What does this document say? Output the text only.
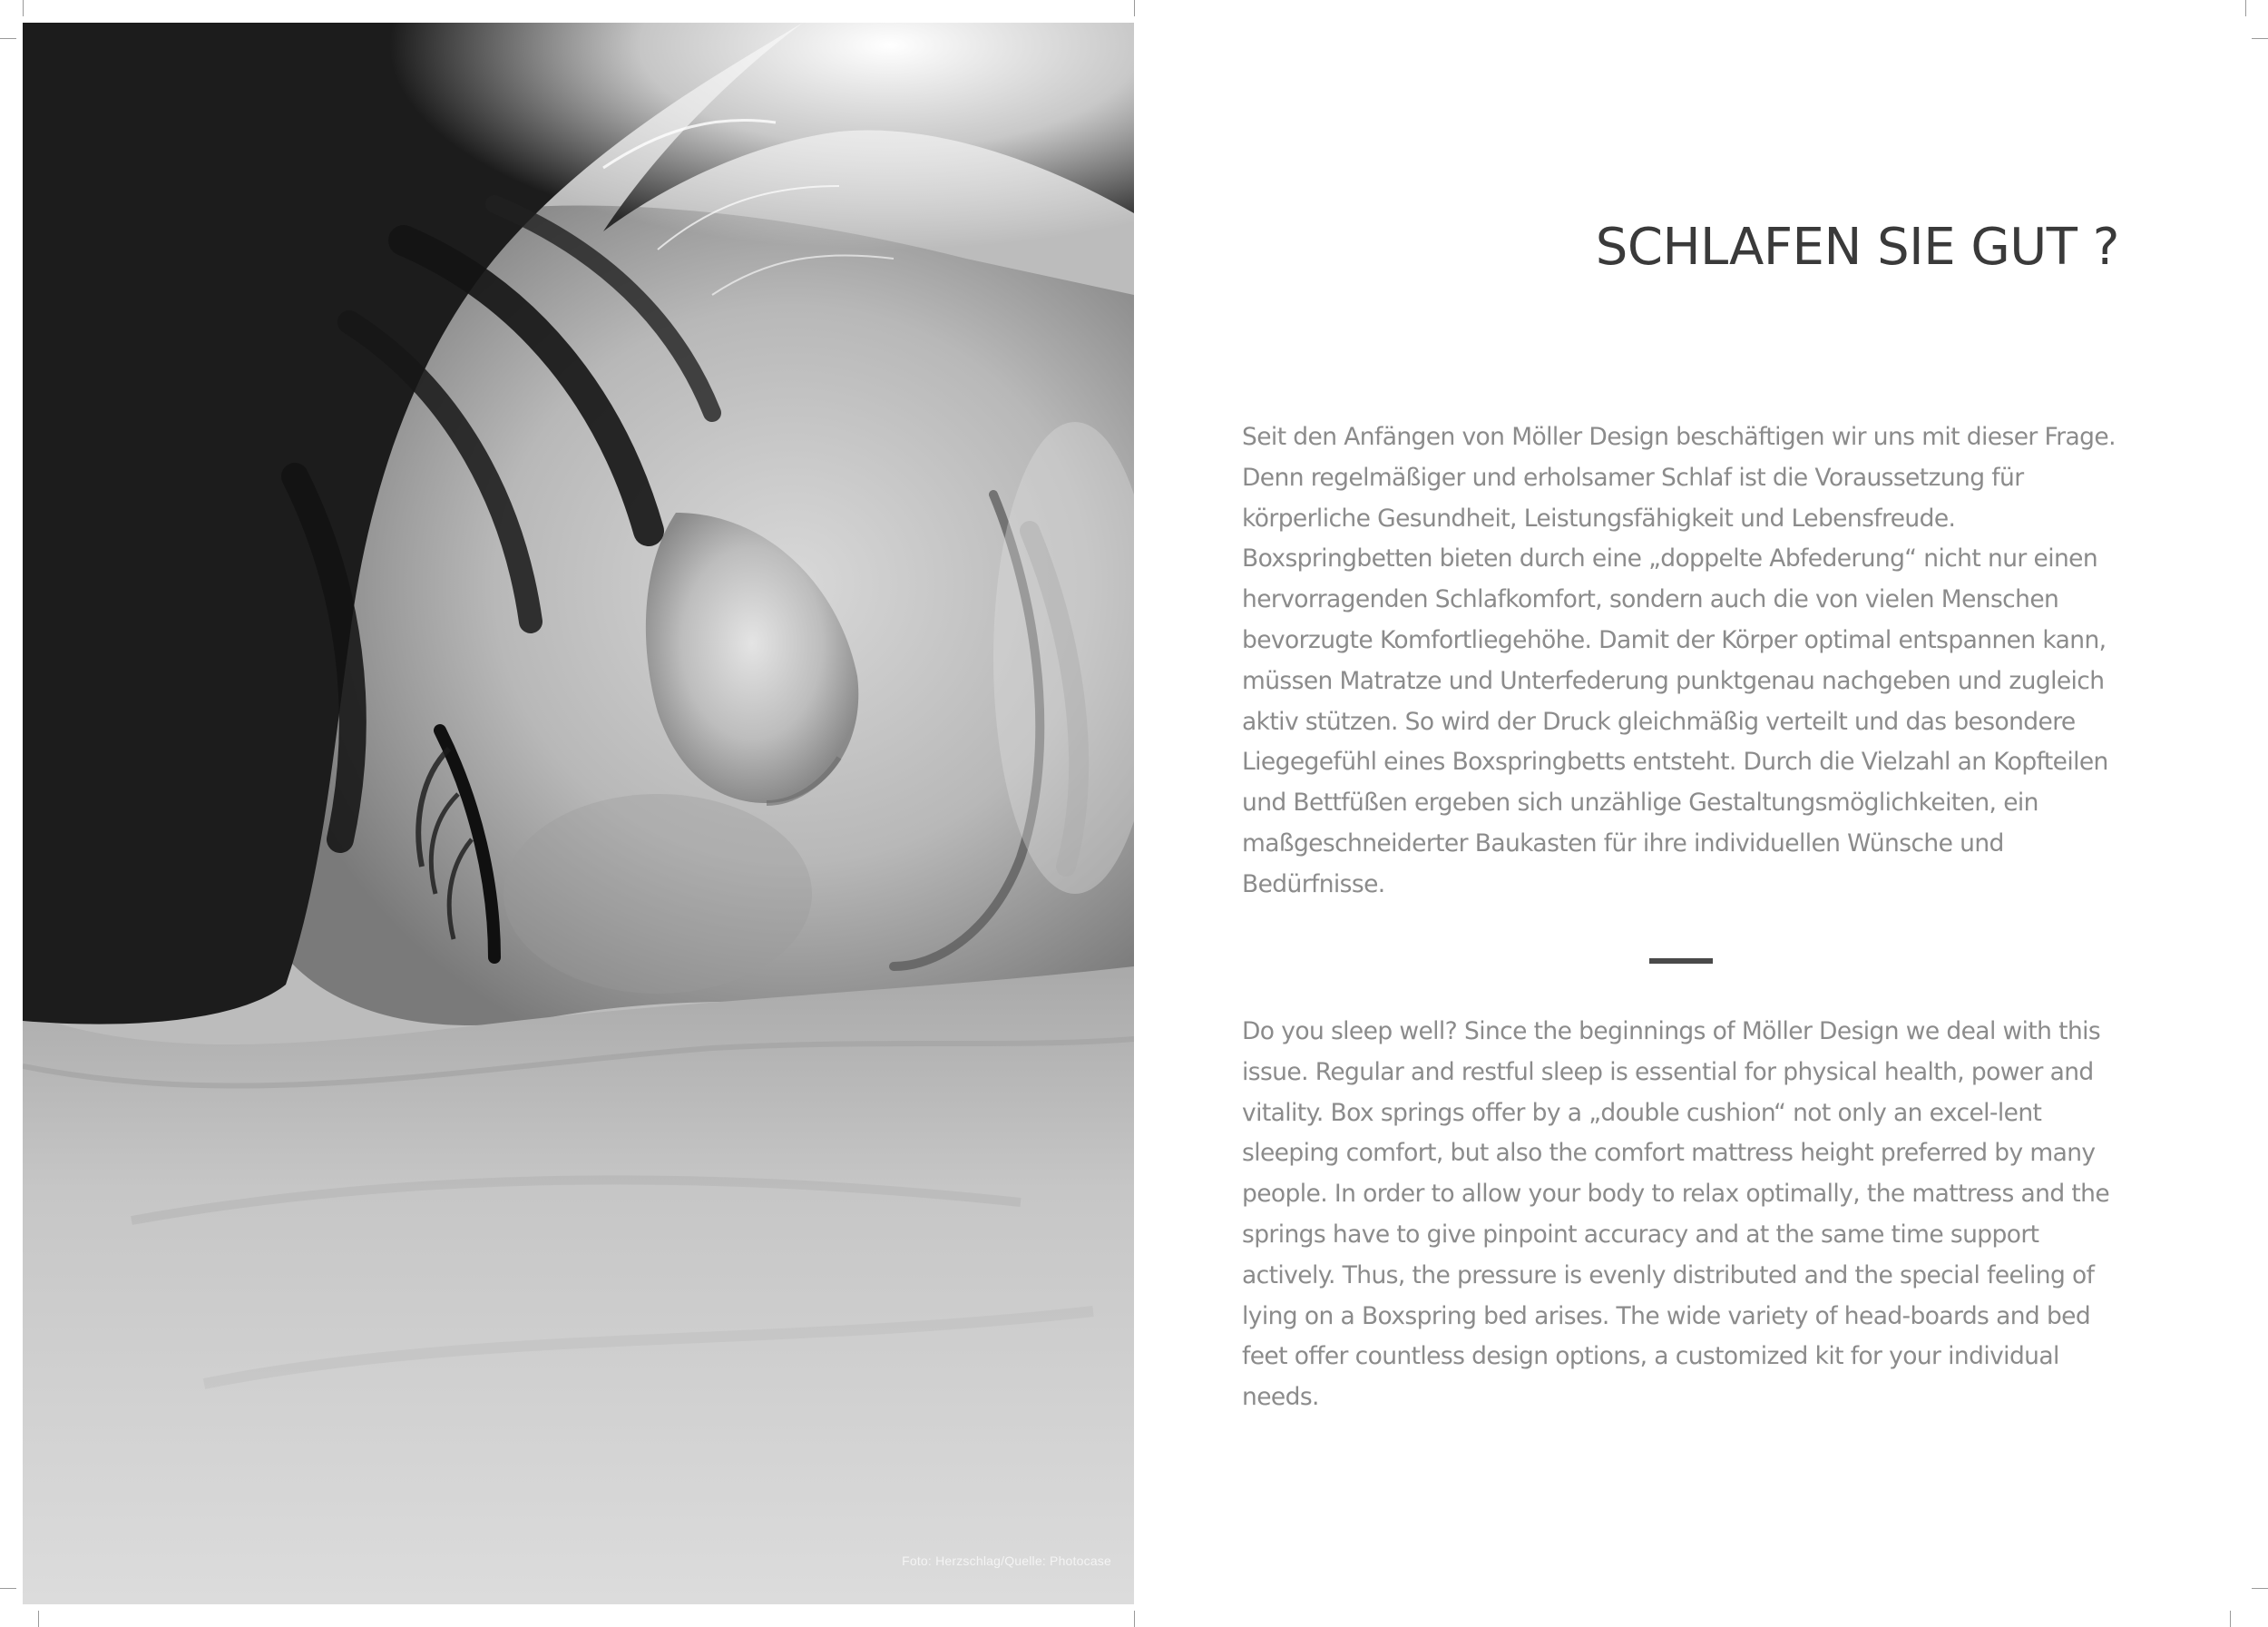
Foto: Herzschlag/Quelle: Photocase
SCHLAFEN SIE GUT ?

Seit den Anfängen von Möller Design beschäftigen wir uns mit dieser Frage. Denn regelmäßiger und erholsamer Schlaf ist die Voraussetzung für körperliche Gesundheit, Leistungsfähigkeit und Lebensfreude. Boxspringbetten bieten durch eine „doppelte Abfederung“ nicht nur einen hervorragenden Schlafkomfort, sondern auch die von vielen Menschen bevorzugte Komfortliegehöhe. Damit der Körper optimal entspannen kann, müssen Matratze und Unterfederung punktgenau nachgeben und zugleich aktiv stützen. So wird der Druck gleichmäßig verteilt und das besondere Liegegefühl eines Boxspringbetts entsteht. Durch die Vielzahl an Kopfteilen und Bettfüßen ergeben sich unzählige Gestaltungsmöglichkeiten, ein maßgeschneiderter Baukasten für ihre individuellen Wünsche und Bedürfnisse.

Do you sleep well? Since the beginnings of Möller Design we deal with this issue. Regular and restful sleep is essential for physical health, power and vitality. Box springs offer by a „double cushion“ not only an excel-lent sleeping comfort, but also the comfort mattress height preferred by many people. In order to allow your body to relax optimally, the mattress and the springs have to give pinpoint accuracy and at the same time support actively. Thus, the pressure is evenly distributed and the special feeling of lying on a Boxspring bed arises. The wide variety of head-boards and bed feet offer countless design options, a customized kit for your individual needs.
